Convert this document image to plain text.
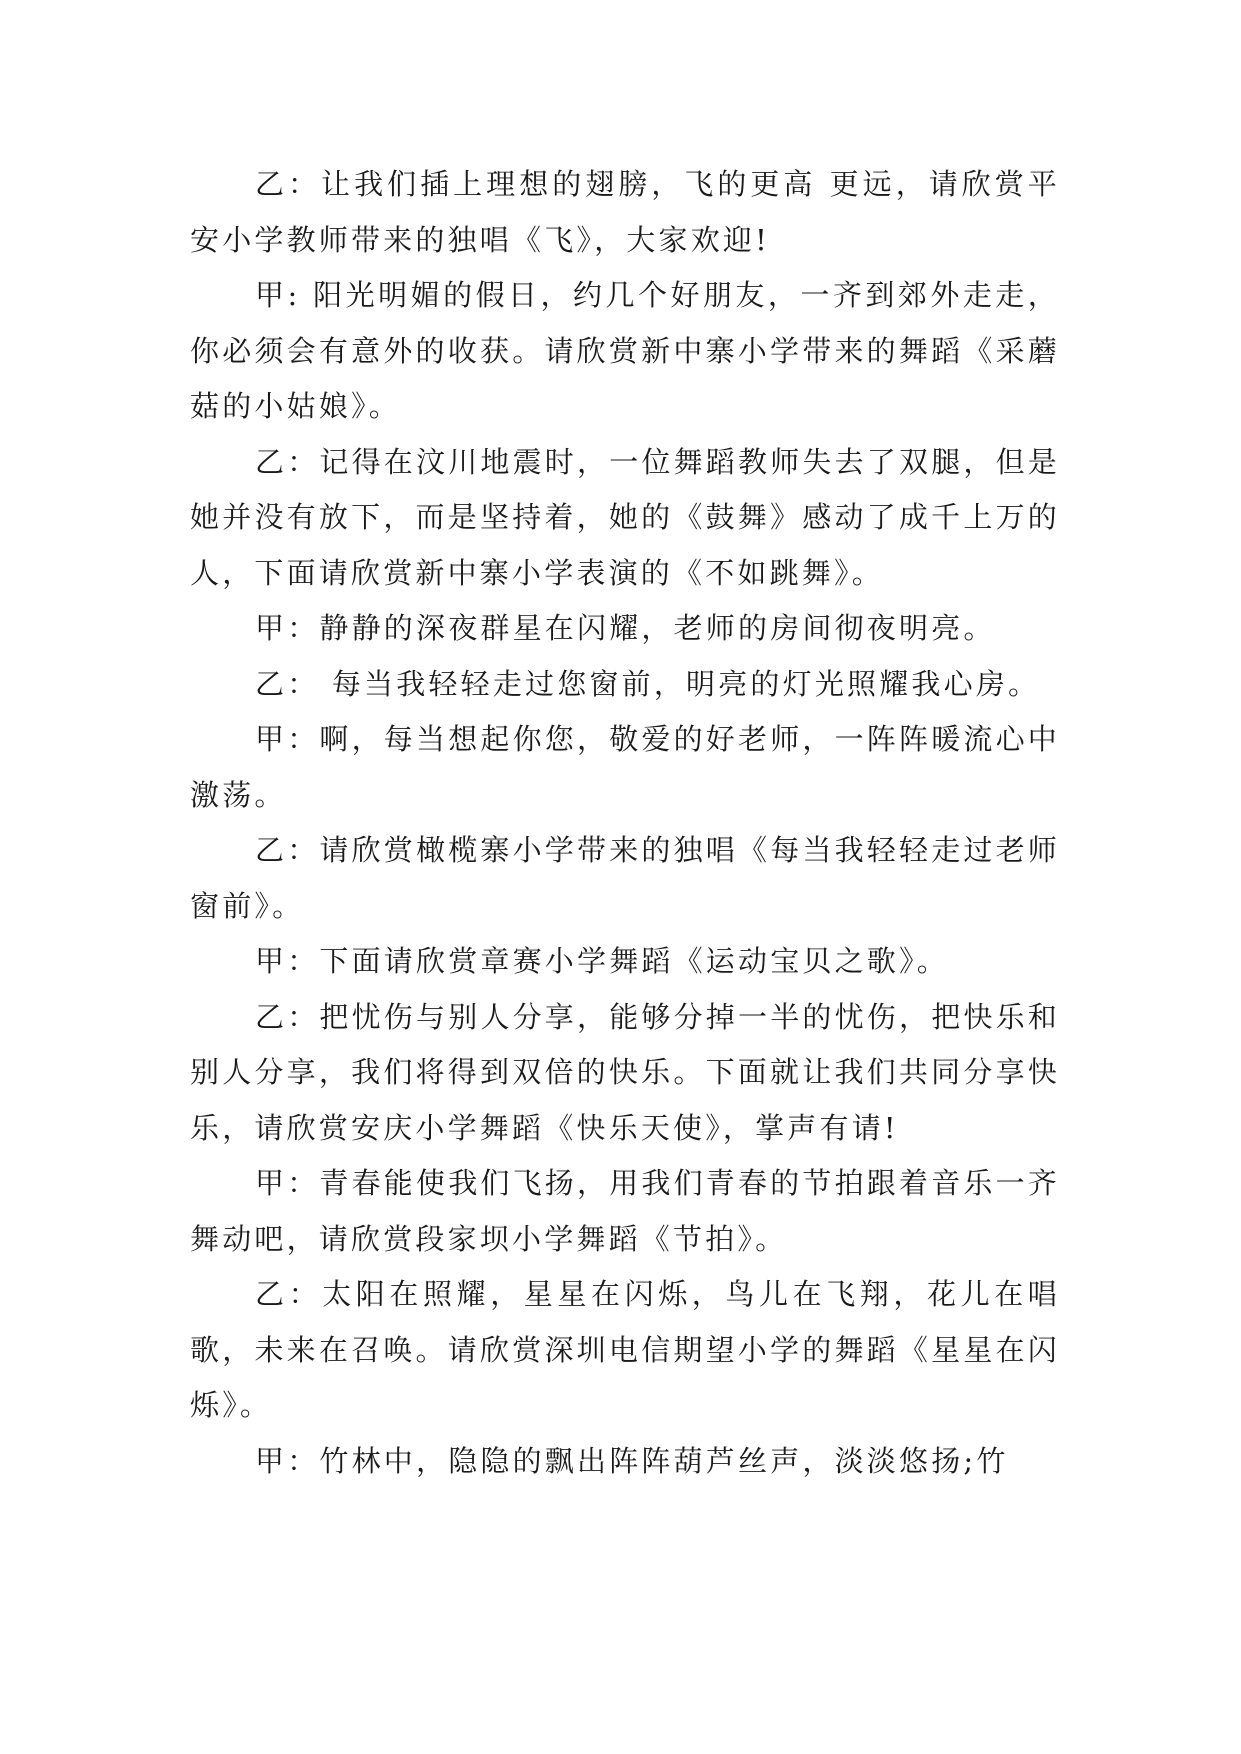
乙：让我们插上理想的翅膀，飞的更高 更远，请欣赏平安小学教师带来的独唱《飞》，大家欢迎!

甲: 阳光明媚的假日，约几个好朋友，一齐到郊外走走，你必须会有意外的收获。请欣赏新中寨小学带来的舞蹈《采蘑菇的小姑娘》。

乙：记得在汶川地震时，一位舞蹈教师失去了双腿，但是她并没有放下，而是坚持着，她的《鼓舞》感动了成千上万的人，下面请欣赏新中寨小学表演的《不如跳舞》。

甲：静静的深夜群星在闪耀，老师的房间彻夜明亮。

乙： 每当我轻轻走过您窗前，明亮的灯光照耀我心房。

甲：啊，每当想起你您，敬爱的好老师，一阵阵暖流心中激荡。

乙：请欣赏橄榄寨小学带来的独唱《每当我轻轻走过老师窗前》。

甲：下面请欣赏章赛小学舞蹈《运动宝贝之歌》。

乙：把忧伤与别人分享，能够分掉一半的忧伤，把快乐和别人分享，我们将得到双倍的快乐。下面就让我们共同分享快乐，请欣赏安庆小学舞蹈《快乐天使》，掌声有请!

甲：青春能使我们飞扬，用我们青春的节拍跟着音乐一齐舞动吧，请欣赏段家坝小学舞蹈《节拍》。

乙：太阳在照耀，星星在闪烁，鸟儿在飞翔，花儿在唱歌，未来在召唤。请欣赏深圳电信期望小学的舞蹈《星星在闪烁》。

甲：竹林中，隐隐的飘出阵阵葫芦丝声，淡淡悠扬;竹
